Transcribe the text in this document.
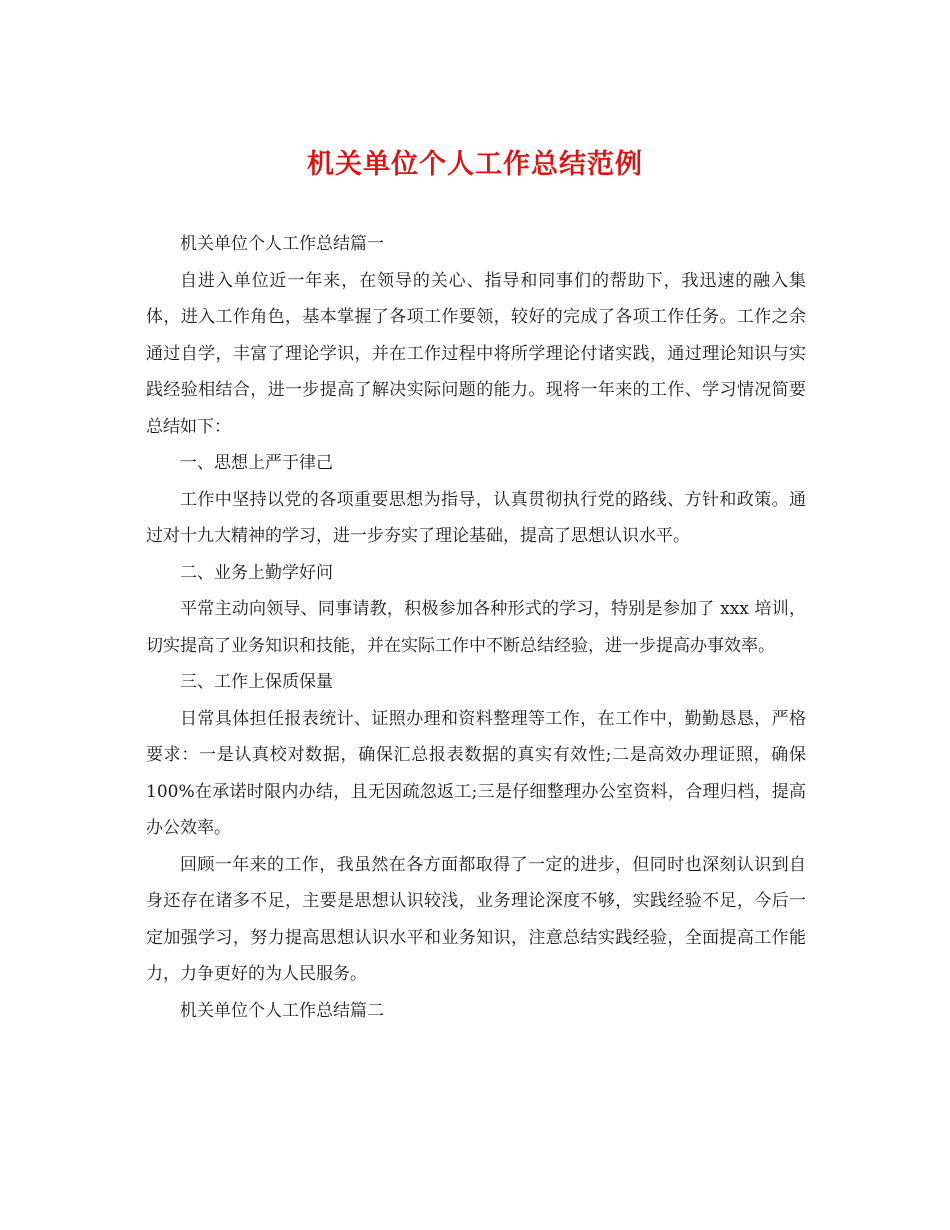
机关单位个人工作总结范例

机关单位个人工作总结篇一

自进入单位近一年来，在领导的关心、指导和同事们的帮助下，我迅速的融入集体，进入工作角色，基本掌握了各项工作要领，较好的完成了各项工作任务。工作之余通过自学，丰富了理论学识，并在工作过程中将所学理论付诸实践，通过理论知识与实践经验相结合，进一步提高了解决实际问题的能力。现将一年来的工作、学习情况简要总结如下：

一、思想上严于律己

工作中坚持以党的各项重要思想为指导，认真贯彻执行党的路线、方针和政策。通过对十九大精神的学习，进一步夯实了理论基础，提高了思想认识水平。

二、业务上勤学好问

平常主动向领导、同事请教，积极参加各种形式的学习，特别是参加了 xxx 培训，切实提高了业务知识和技能，并在实际工作中不断总结经验，进一步提高办事效率。

三、工作上保质保量

日常具体担任报表统计、证照办理和资料整理等工作，在工作中，勤勤恳恳，严格要求：一是认真校对数据，确保汇总报表数据的真实有效性;二是高效办理证照，确保 100%在承诺时限内办结，且无因疏忽返工;三是仔细整理办公室资料，合理归档，提高办公效率。

回顾一年来的工作，我虽然在各方面都取得了一定的进步，但同时也深刻认识到自身还存在诸多不足，主要是思想认识较浅，业务理论深度不够，实践经验不足，今后一定加强学习，努力提高思想认识水平和业务知识，注意总结实践经验，全面提高工作能力，力争更好的为人民服务。

机关单位个人工作总结篇二
